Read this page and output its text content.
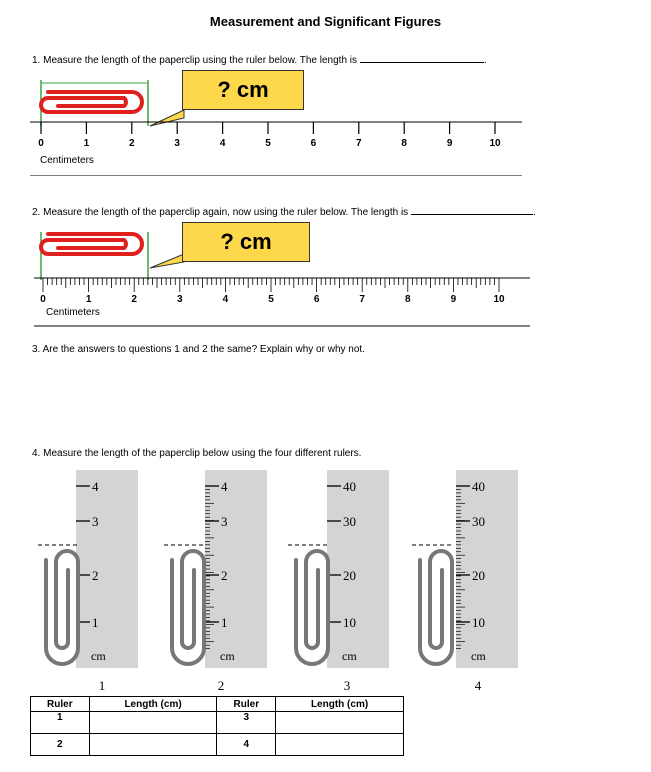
Measurement and Significant Figures
1. Measure the length of the paperclip using the ruler below. The length is	.
0	1	2	3	4	5	6	7	8	9	10
? cm
Centimeters
2. Measure the length of the paperclip again, now using the ruler below. The length is	.
0	1	2	3	4	5	6	7	8	9	10
? cm
Centimeters
3. Are the answers to questions 1 and 2 the same? Explain why or why not.
4. Measure the length of the paperclip below using the four different rulers.
4
3
2
1
cm
1
4
3
2
1
cm
2
40
30
20
10
cm
3
40
30
20
10
cm
4
Ruler	Length (cm)	Ruler	Length (cm)
1		3	
2		4	
